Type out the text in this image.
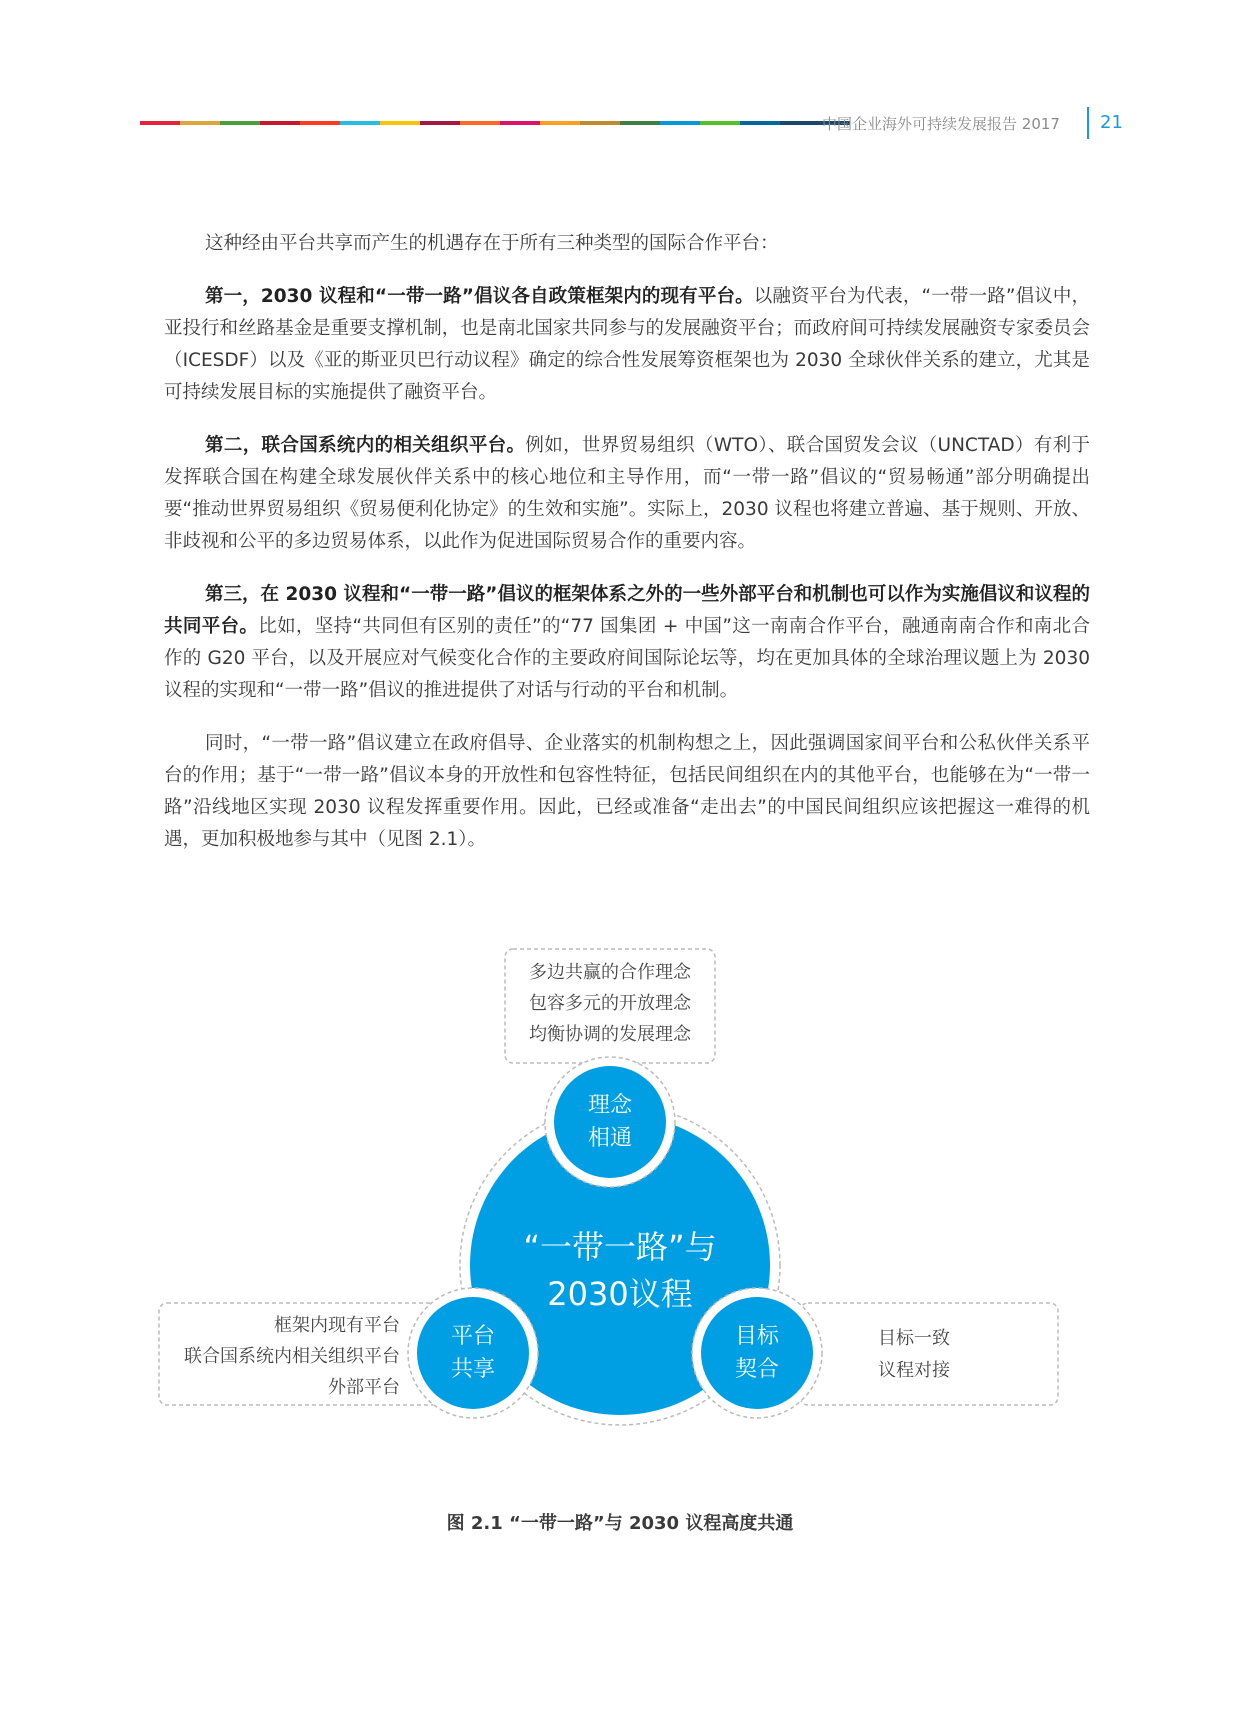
中国企业海外可持续发展报告 2017 21

这种经由平台共享而产生的机遇存在于所有三种类型的国际合作平台：

第一，2030 议程和“一带一路”倡议各自政策框架内的现有平台。以融资平台为代表，“一带一路”倡议中，亚投行和丝路基金是重要支撑机制，也是南北国家共同参与的发展融资平台；而政府间可持续发展融资专家委员会（ICESDF）以及《亚的斯亚贝巴行动议程》确定的综合性发展筹资框架也为 2030 全球伙伴关系的建立，尤其是可持续发展目标的实施提供了融资平台。

第二，联合国系统内的相关组织平台。例如，世界贸易组织（WTO）、联合国贸发会议（UNCTAD）有利于发挥联合国在构建全球发展伙伴关系中的核心地位和主导作用，而“一带一路”倡议的“贸易畅通”部分明确提出要“推动世界贸易组织《贸易便利化协定》的生效和实施”。实际上，2030 议程也将建立普遍、基于规则、开放、非歧视和公平的多边贸易体系，以此作为促进国际贸易合作的重要内容。

第三，在 2030 议程和“一带一路”倡议的框架体系之外的一些外部平台和机制也可以作为实施倡议和议程的共同平台。比如，坚持“共同但有区别的责任”的“77 国集团 + 中国”这一南南合作平台，融通南南合作和南北合作的 G20 平台，以及开展应对气候变化合作的主要政府间国际论坛等，均在更加具体的全球治理议题上为 2030 议程的实现和“一带一路”倡议的推进提供了对话与行动的平台和机制。

同时，“一带一路”倡议建立在政府倡导、企业落实的机制构想之上，因此强调国家间平台和公私伙伴关系平台的作用；基于“一带一路”倡议本身的开放性和包容性特征，包括民间组织在内的其他平台，也能够在为“一带一路”沿线地区实现 2030 议程发挥重要作用。因此，已经或准备“走出去”的中国民间组织应该把握这一难得的机遇，更加积极地参与其中（见图 2.1）。

多边共赢的合作理念
包容多元的开放理念
均衡协调的发展理念
框架内现有平台
联合国系统内相关组织平台
外部平台
目标一致
议程对接
“一带一路”与
2030议程
理念
相通
平台
共享
目标
契合
图 2.1 “一带一路”与 2030 议程高度共通
